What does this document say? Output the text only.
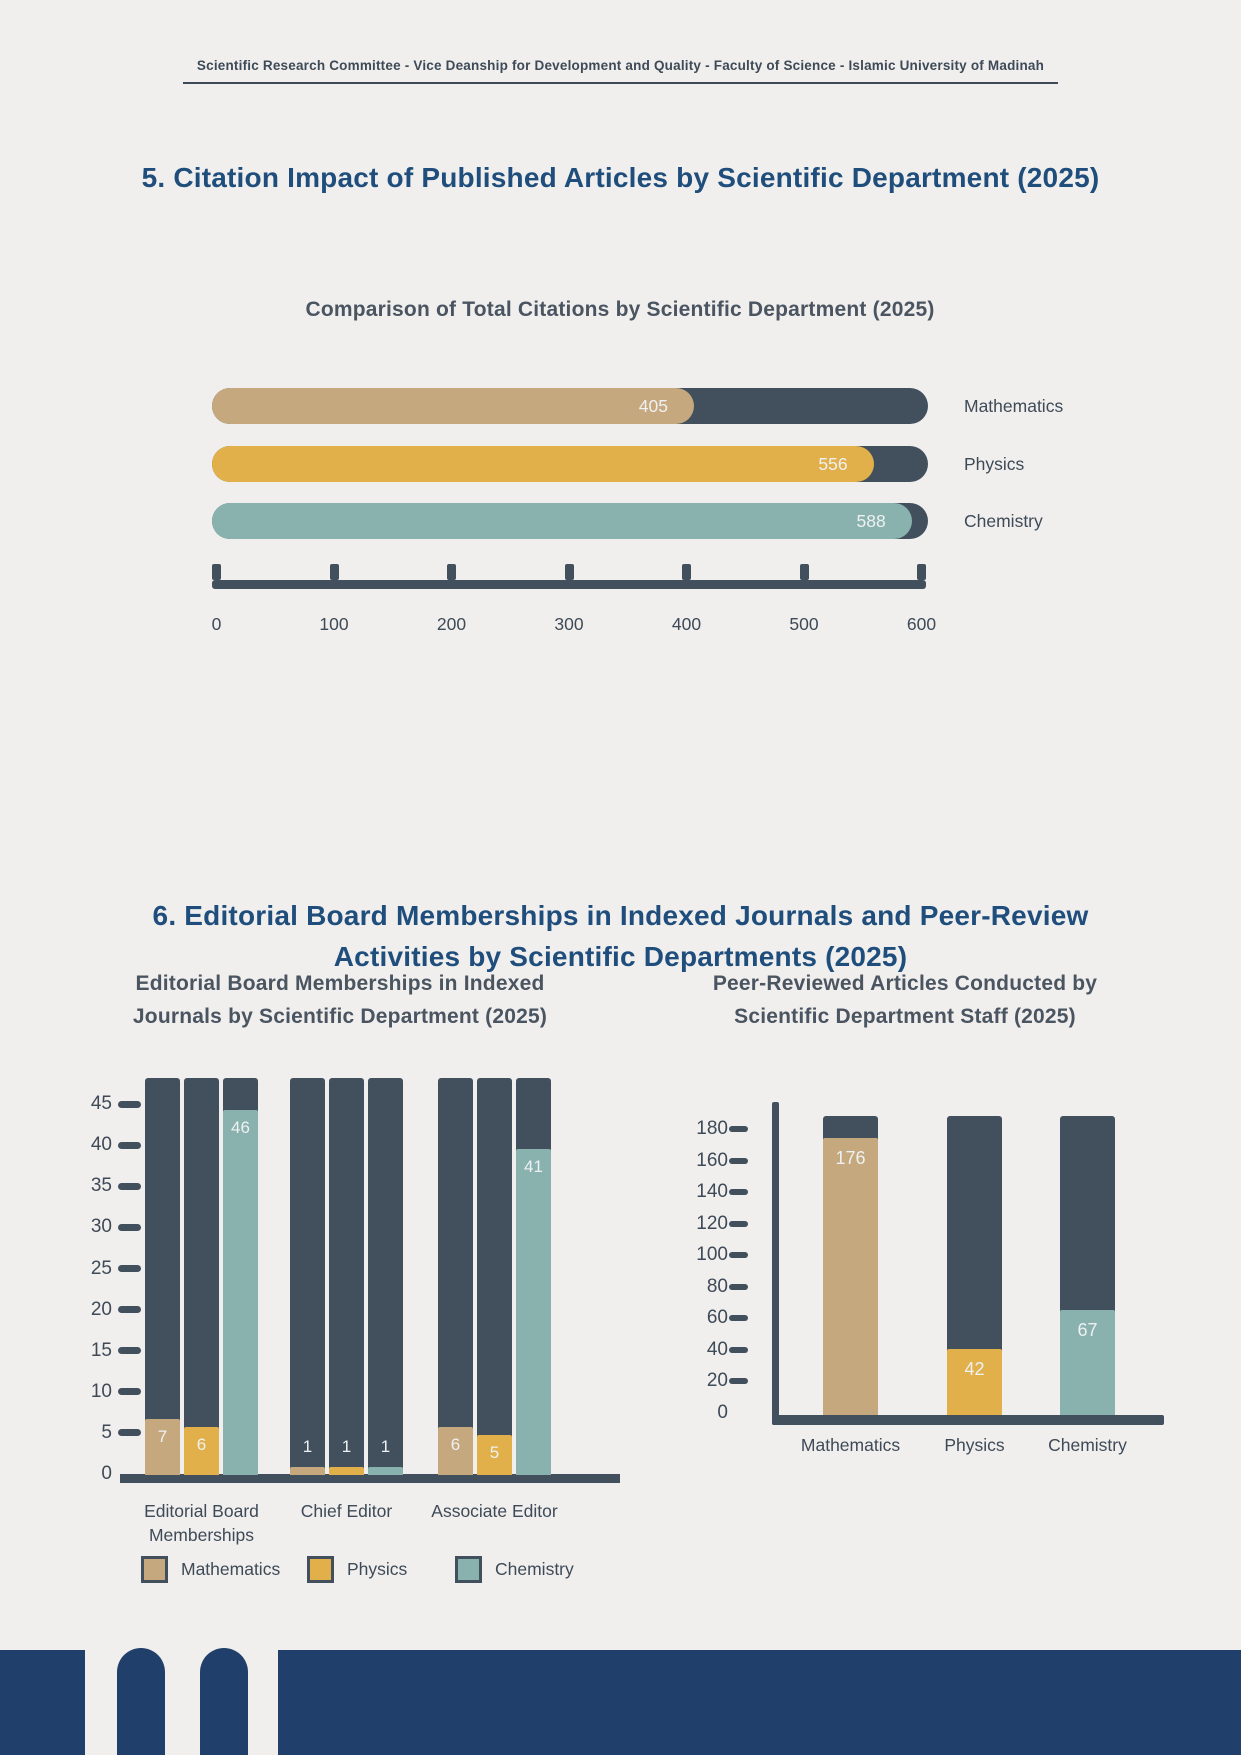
Scientific Research Committee - Vice Deanship for Development and Quality - Faculty of Science - Islamic University of Madinah
5. Citation Impact of Published Articles by Scientific Department (2025)
Comparison of Total Citations by Scientific Department (2025)
405	Mathematics
556	Physics
588	Chemistry
0	100	200	300	400	500	600
6. Editorial Board Memberships in Indexed Journals and Peer-Review
Activities by Scientific Departments (2025)
Editorial Board Memberships in Indexed
Journals by Scientific Department (2025)
0
5
10
15
20
25
30
35
40
45
7	6
46
Editorial Board Memberships
1	1	1
Chief Editor
6	5
41
Associate Editor
Mathematics	Physics	Chemistry
Peer-Reviewed Articles Conducted by
Scientific Department Staff (2025)
0
20
40
60
80
100
120
140
160
180
176
Mathematics
42
Physics
67
Chemistry
